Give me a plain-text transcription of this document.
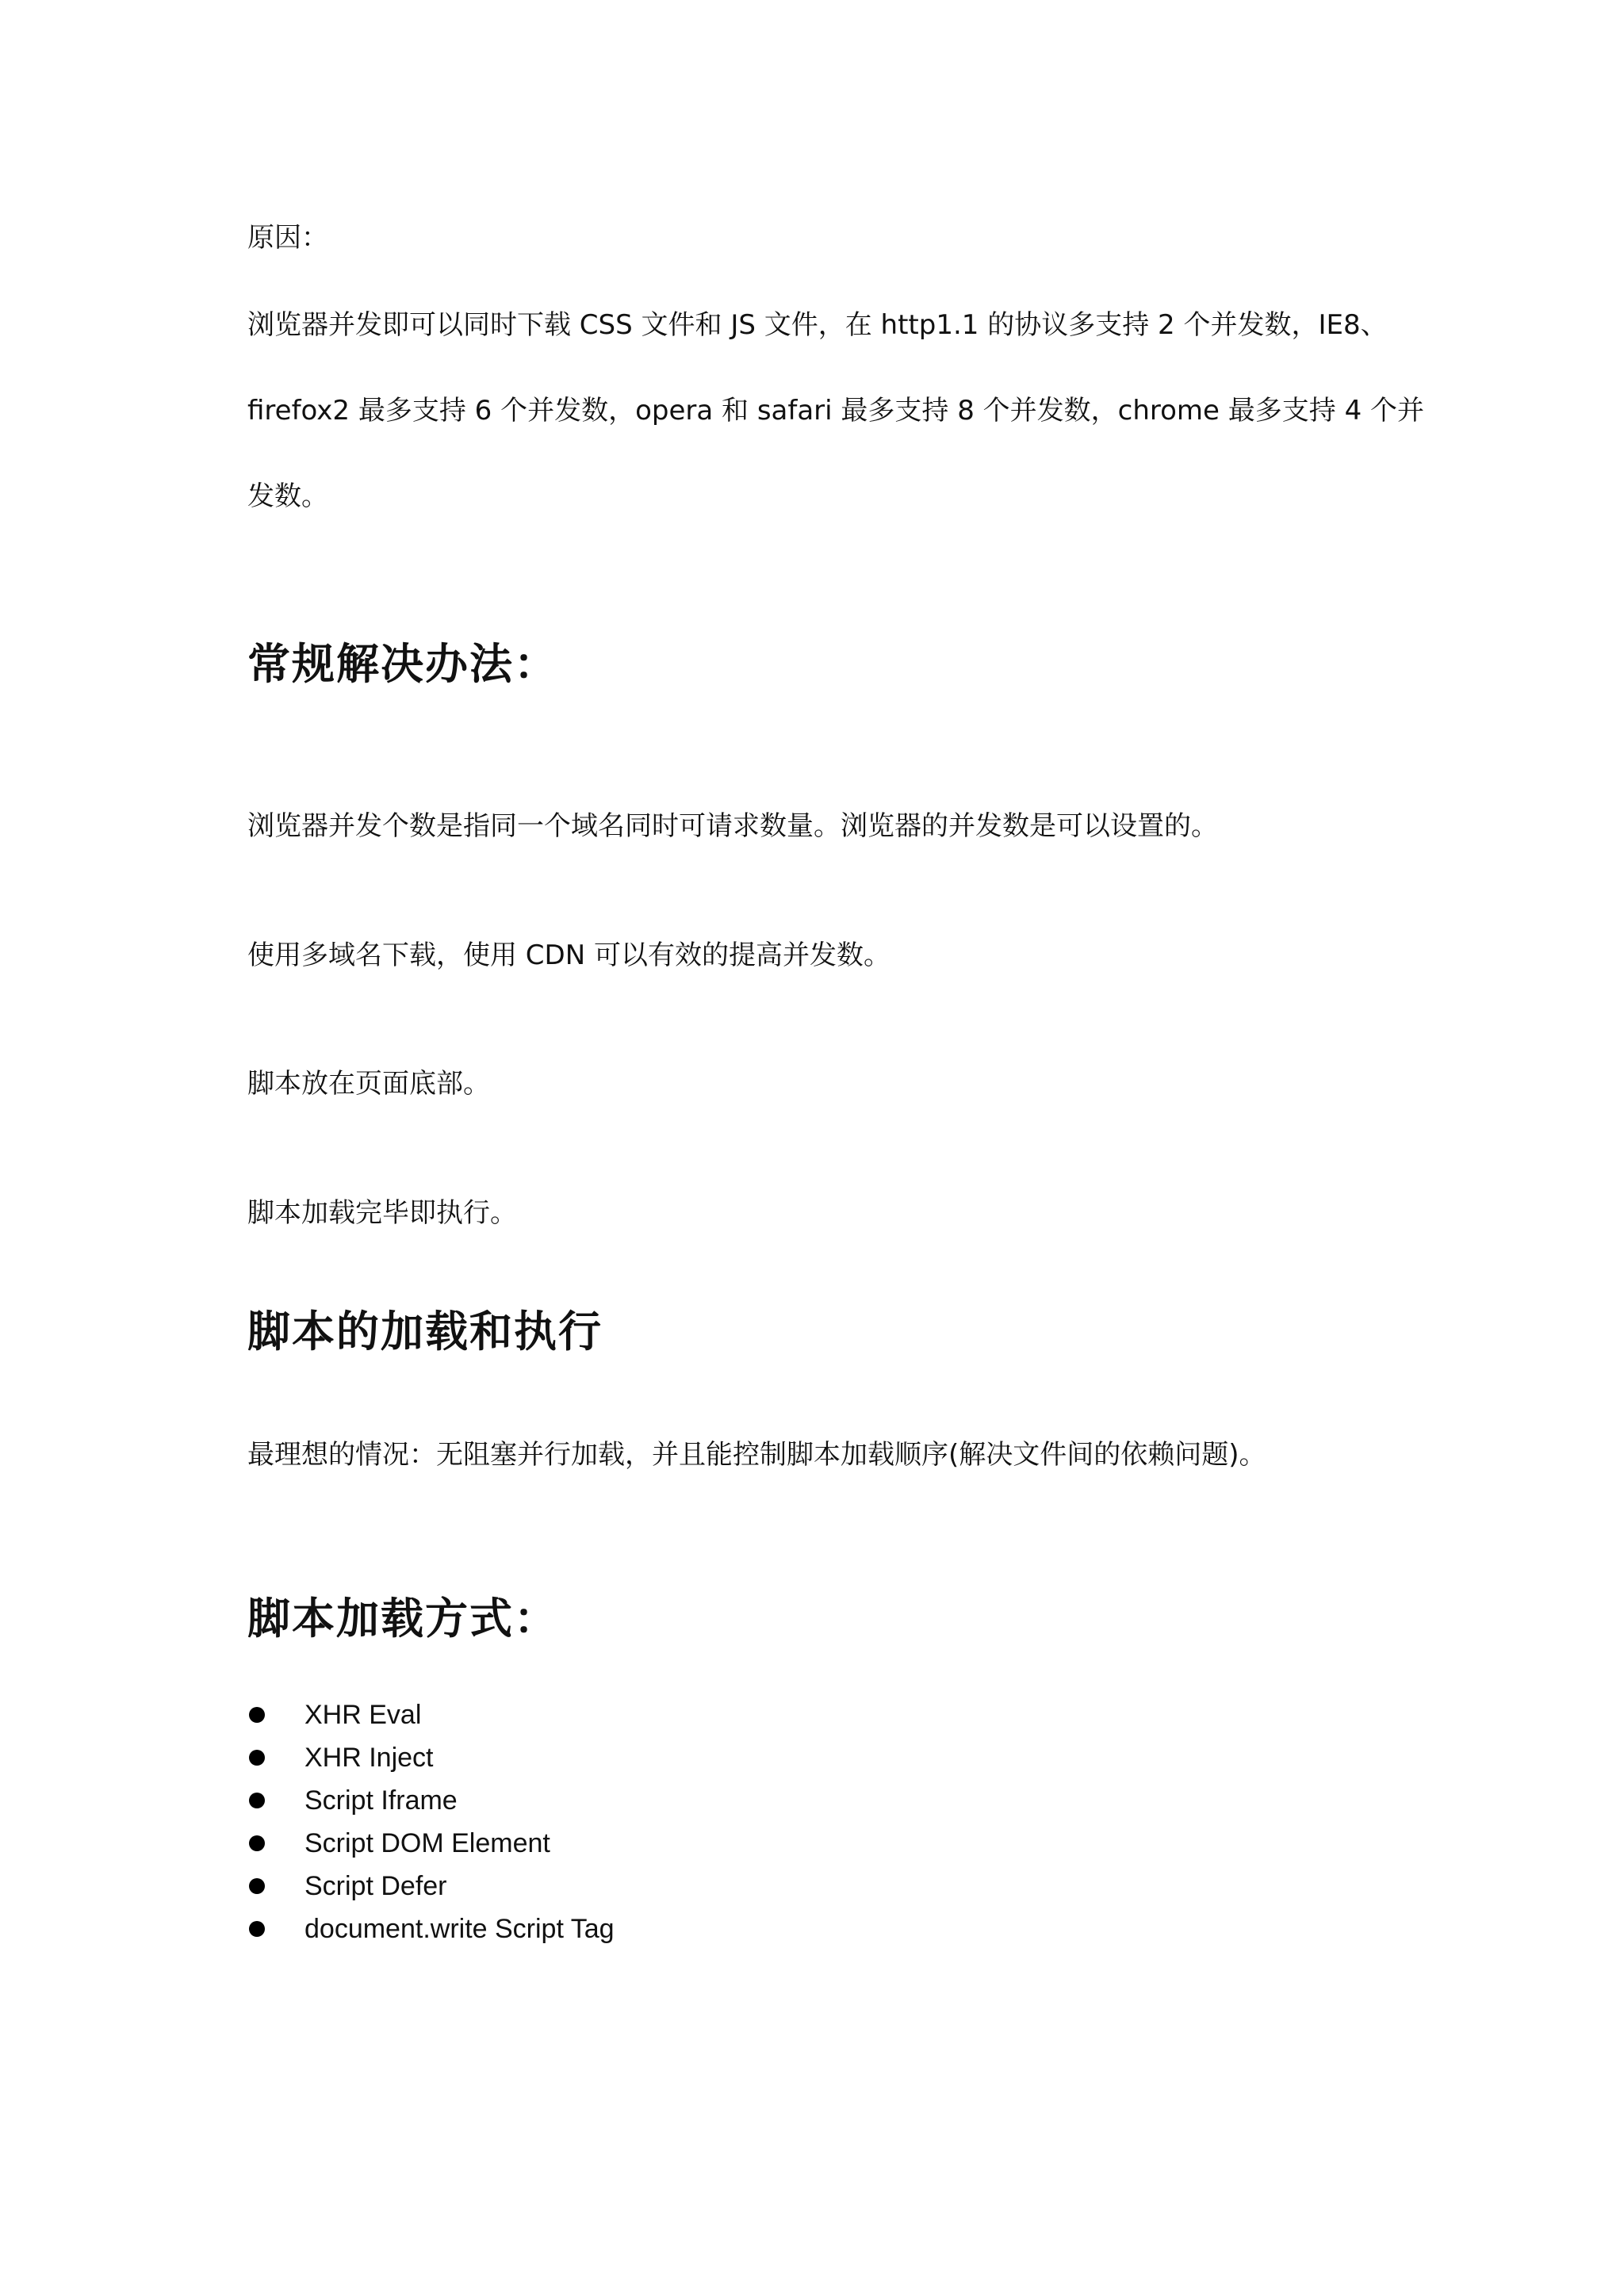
原因：

浏览器并发即可以同时下载 CSS 文件和 JS 文件，在 http1.1 的协议多支持 2 个并发数，IE8、

firefox2 最多支持 6 个并发数，opera 和 safari 最多支持 8 个并发数，chrome 最多支持 4 个并

发数。

常规解决办法：

浏览器并发个数是指同一个域名同时可请求数量。浏览器的并发数是可以设置的。

使用多域名下载，使用 CDN 可以有效的提高并发数。

脚本放在页面底部。

脚本加载完毕即执行。

脚本的加载和执行

最理想的情况：无阻塞并行加载，并且能控制脚本加载顺序(解决文件间的依赖问题)。

脚本加载方式：
XHR Eval
XHR Inject
Script Iframe
Script DOM Element
Script Defer
document.write Script Tag
